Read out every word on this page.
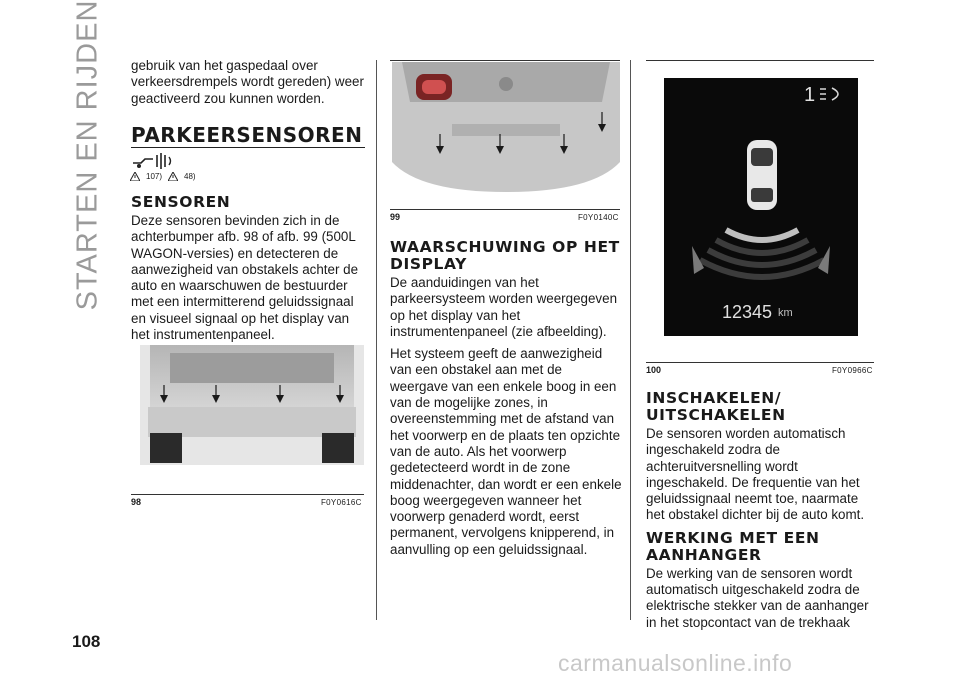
STARTEN EN RIJDEN gebruik van het gaspedaal over verkeersdrempels wordt gereden) weer geactiveerd zou kunnen worden.

PARKEERSENSOREN
107)	48)
SENSOREN

Deze sensoren bevinden zich in de achterbumper afb. 98 of afb. 99 (500L WAGON-versies) en detecteren de aanwezigheid van obstakels achter de auto en waarschuwen de bestuurder met een intermitterend geluidssignaal en visueel signaal op het display van het instrumentenpaneel.

98	F0Y0616C
99	F0Y0140C
WAARSCHUWING OP HET DISPLAY

De aanduidingen van het parkeersysteem worden weergegeven op het display van het instrumentenpaneel (zie afbeelding).

Het systeem geeft de aanwezigheid van een obstakel aan met de weergave van een enkele boog in een van de mogelijke zones, in overeenstemming met de afstand van het voorwerp en de plaats ten opzichte van de auto. Als het voorwerp gedetecteerd wordt in de zone middenachter, dan wordt er een enkele boog weergegeven wanneer het voorwerp genaderd wordt, eerst permanent, vervolgens knipperend, in aanvulling op een geluidssignaal.

1
12345 km
100	F0Y0966C
INSCHAKELEN/ UITSCHAKELEN

De sensoren worden automatisch ingeschakeld zodra de achteruitversnelling wordt ingeschakeld. De frequentie van het geluidssignaal neemt toe, naarmate het obstakel dichter bij de auto komt.

WERKING MET EEN AANHANGER

De werking van de sensoren wordt automatisch uitgeschakeld zodra de elektrische stekker van de aanhanger in het stopcontact van de trekhaak

108
carmanualsonline.info
